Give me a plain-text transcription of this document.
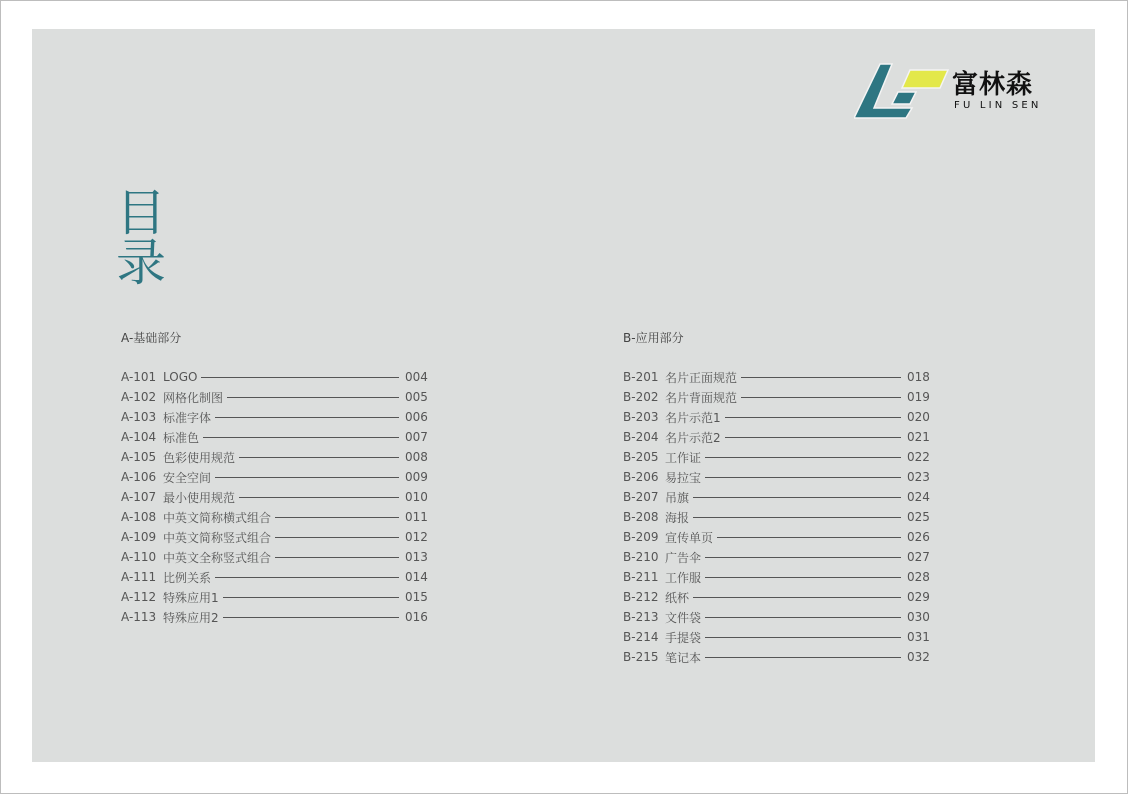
富林森
FU LIN SEN
目
录
A-基础部分
A-101 LOGO	004
A-102 网格化制图	005
A-103 标准字体	006
A-104 标准色	007
A-105 色彩使用规范	008
A-106 安全空间	009
A-107 最小使用规范	010
A-108 中英文简称横式组合	011
A-109 中英文简称竖式组合	012
A-110 中英文全称竖式组合	013
A-111 比例关系	014
A-112 特殊应用1	015
A-113 特殊应用2	016
B-应用部分
B-201 名片正面规范	018
B-202 名片背面规范	019
B-203 名片示范1	020
B-204 名片示范2	021
B-205 工作证	022
B-206 易拉宝	023
B-207 吊旗	024
B-208 海报	025
B-209 宣传单页	026
B-210 广告伞	027
B-211 工作服	028
B-212 纸杯	029
B-213 文件袋	030
B-214 手提袋	031
B-215 笔记本	032
